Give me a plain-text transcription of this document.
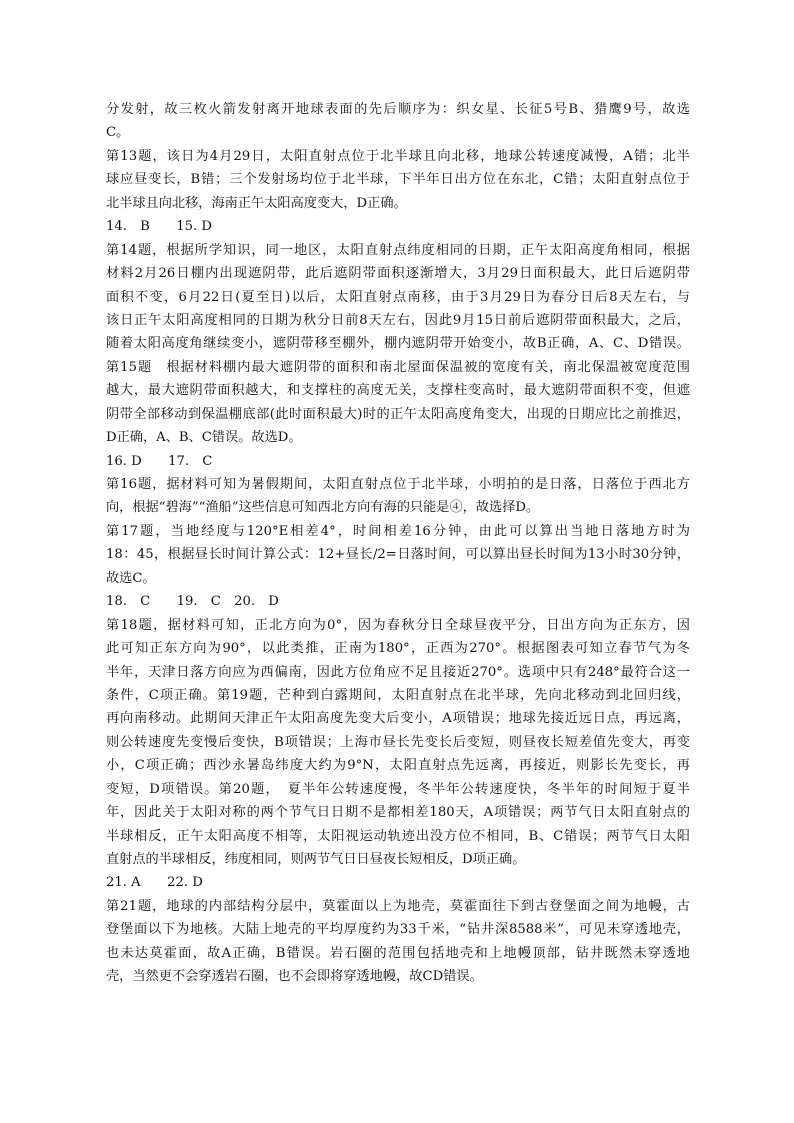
分发射，故三枚火箭发射离开地球表面的先后顺序为：织女星、长征5号B、猎鹰9号，故选

C。

第13题，该日为4月29日，太阳直射点位于北半球且向北移，地球公转速度减慢，A错；北半

球应昼变长，B错；三个发射场均位于北半球，下半年日出方位在东北，C错；太阳直射点位于

北半球且向北移，海南正午太阳高度变大，D正确。

14.　B　　15. D

第14题，根据所学知识，同一地区，太阳直射点纬度相同的日期，正午太阳高度角相同，根据

材料2月26日棚内出现遮阴带，此后遮阴带面积逐渐增大，3月29日面积最大，此日后遮阴带

面积不变，6月22日(夏至日)以后，太阳直射点南移，由于3月29日为春分日后8天左右，与

该日正午太阳高度相同的日期为秋分日前8天左右，因此9月15日前后遮阴带面积最大，之后，

随着太阳高度角继续变小，遮阴带移至棚外，棚内遮阴带开始变小，故B正确，A、C、D错误。

第15题　根据材料棚内最大遮阴带的面积和南北屋面保温被的宽度有关，南北保温被宽度范围

越大，最大遮阴带面积越大，和支撑柱的高度无关，支撑柱变高时，最大遮阴带面积不变，但遮

阴带全部移动到保温棚底部(此时面积最大)时的正午太阳高度角变大，出现的日期应比之前推迟，

D正确，A、B、C错误。故选D。

16. D　　17.　C

第16题，据材料可知为暑假期间，太阳直射点位于北半球，小明拍的是日落，日落位于西北方

向，根据“碧海”“渔船”这些信息可知西北方向有海的只能是④，故选择D。

第17题，当地经度与120°E相差4°，时间相差16分钟，由此可以算出当地日落地方时为

18：45，根据昼长时间计算公式：12+昼长/2=日落时间，可以算出昼长时间为13小时30分钟，

故选C。

18.　C　　19.　C　20.　D

第18题，据材料可知，正北方向为0°，因为春秋分日全球昼夜平分，日出方向为正东方，因

此可知正东方向为90°，以此类推，正南为180°，正西为270°。根据图表可知立春节气为冬

半年，天津日落方向应为西偏南，因此方位角应不足且接近270°。选项中只有248°最符合这一

条件，C项正确。第19题，芒种到白露期间，太阳直射点在北半球，先向北移动到北回归线，

再向南移动。此期间天津正午太阳高度先变大后变小，A项错误；地球先接近远日点，再远离，

则公转速度先变慢后变快，B项错误；上海市昼长先变长后变短，则昼夜长短差值先变大，再变

小，C项正确；西沙永暑岛纬度大约为9°N，太阳直射点先远离，再接近，则影长先变长，再

变短，D项错误。第20题，　夏半年公转速度慢，冬半年公转速度快，冬半年的时间短于夏半

年，因此关于太阳对称的两个节气日日期不是都相差180天，A项错误；两节气日太阳直射点的

半球相反，正午太阳高度不相等，太阳视运动轨迹出没方位不相同，B、C错误；两节气日太阳

直射点的半球相反，纬度相同，则两节气日日昼夜长短相反，D项正确。

21. A　　22. D

第21题，地球的内部结构分层中，莫霍面以上为地壳，莫霍面往下到古登堡面之间为地幔，古

登堡面以下为地核。大陆上地壳的平均厚度约为33千米，“钻井深8588米”，可见未穿透地壳，

也未达莫霍面，故A正确，B错误。岩石圈的范围包括地壳和上地幔顶部，钻井既然未穿透地

壳，当然更不会穿透岩石圈，也不会即将穿透地幔，故CD错误。
